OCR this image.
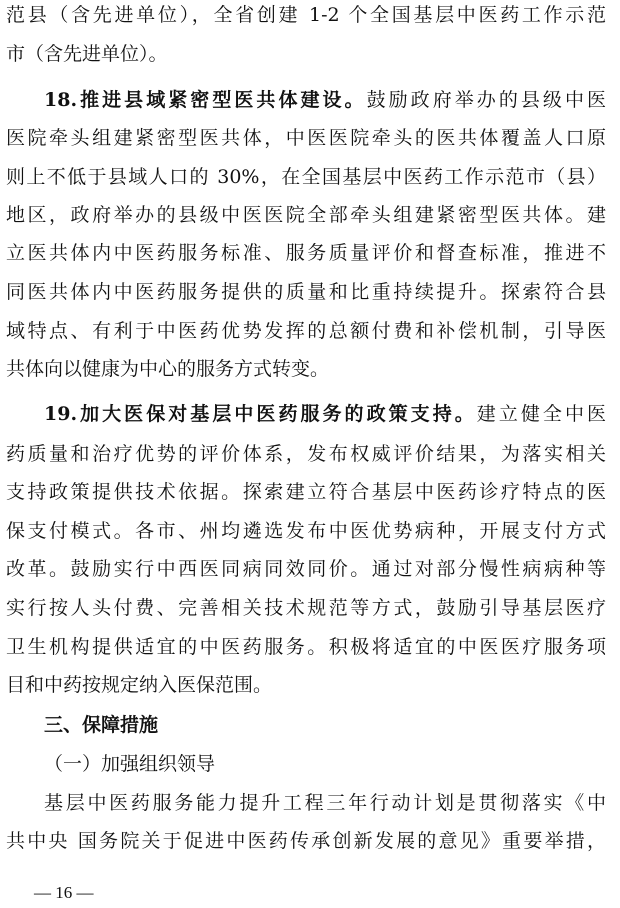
范县（含先进单位），全省创建 1-2 个全国基层中医药工作示范
市（含先进单位）。
18.推进县域紧密型医共体建设。鼓励政府举办的县级中医
医院牵头组建紧密型医共体，中医医院牵头的医共体覆盖人口原
则上不低于县域人口的 30%，在全国基层中医药工作示范市（县）
地区，政府举办的县级中医医院全部牵头组建紧密型医共体。建
立医共体内中医药服务标准、服务质量评价和督查标准，推进不
同医共体内中医药服务提供的质量和比重持续提升。探索符合县
域特点、有利于中医药优势发挥的总额付费和补偿机制，引导医
共体向以健康为中心的服务方式转变。
19.加大医保对基层中医药服务的政策支持。建立健全中医
药质量和治疗优势的评价体系，发布权威评价结果，为落实相关
支持政策提供技术依据。探索建立符合基层中医药诊疗特点的医
保支付模式。各市、州均遴选发布中医优势病种，开展支付方式
改革。鼓励实行中西医同病同效同价。通过对部分慢性病病种等
实行按人头付费、完善相关技术规范等方式，鼓励引导基层医疗
卫生机构提供适宜的中医药服务。积极将适宜的中医医疗服务项
目和中药按规定纳入医保范围。
三、保障措施
（一）加强组织领导
基层中医药服务能力提升工程三年行动计划是贯彻落实《中
共中央 国务院关于促进中医药传承创新发展的意见》重要举措，
— 16 —
